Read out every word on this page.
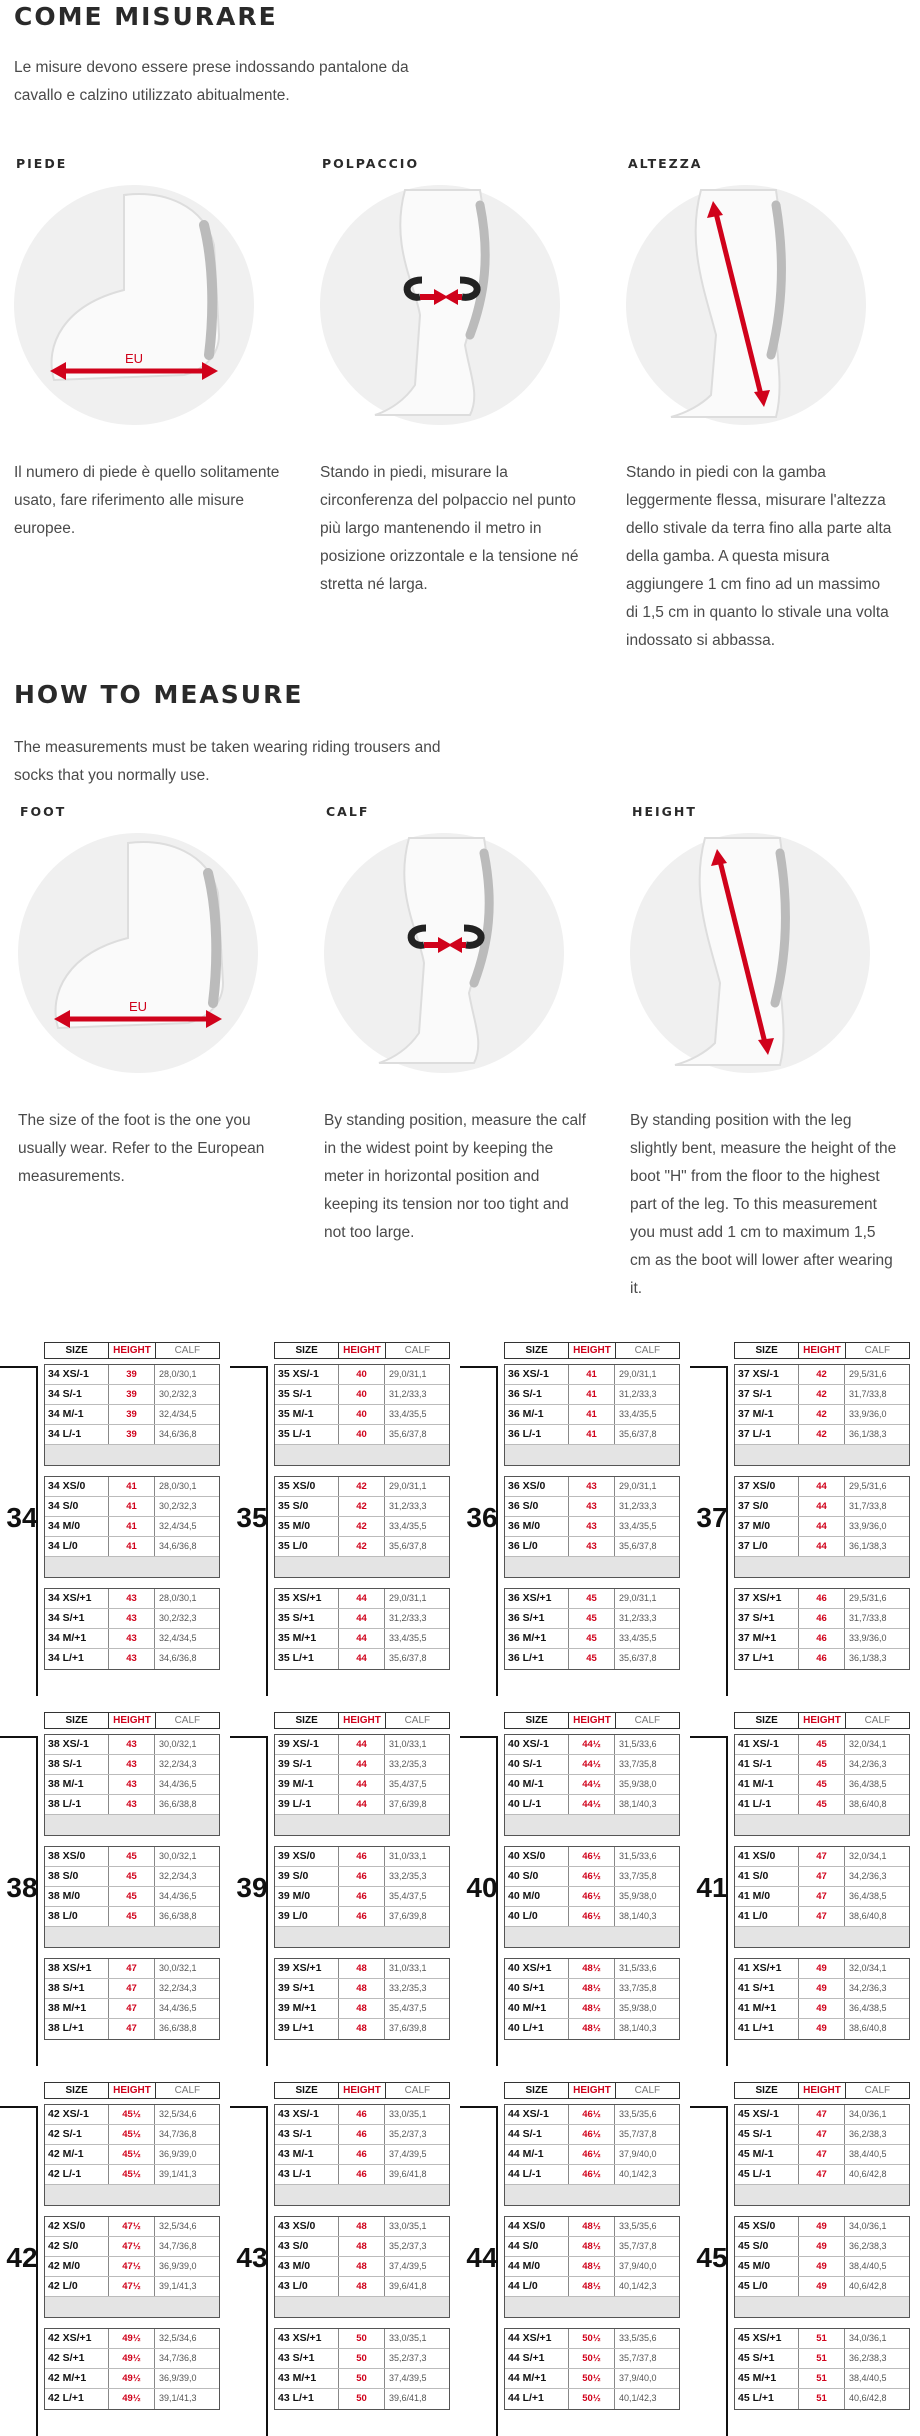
COME MISURARE

Le misure devono essere prese indossando pantalone da cavallo e calzino utilizzato abitualmente.

PIEDE
EU
Il numero di piede è quello solitamente usato, fare riferimento alle misure europee.
POLPACCIO
Stando in piedi, misurare la circonferenza del polpaccio nel punto più largo mantenendo il metro in posizione orizzontale e la tensione né stretta né larga.
ALTEZZA
Stando in piedi con la gamba leggermente flessa, misurare l'altezza dello stivale da terra fino alla parte alta della gamba. A questa misura aggiungere 1 cm fino ad un massimo di 1,5 cm in quanto lo stivale una volta indossato si abbassa.
HOW TO MEASURE

The measurements must be taken wearing riding trousers and socks that you normally use.

FOOT
EU
The size of the foot is the one you usually wear. Refer to the European measurements.
CALF
By standing position, measure the calf in the widest point by keeping the meter in horizontal position and keeping its tension nor too tight and not too large.
HEIGHT
By standing position with the leg slightly bent, measure the height of the boot "H" from the floor to the highest part of the leg. To this measurement you must add 1 cm to maximum 1,5 cm as the boot will lower after wearing it.
34
SIZE	HEIGHT	CALF
34 XS/-1	39	28,0/30,1
34 S/-1	39	30,2/32,3
34 M/-1	39	32,4/34,5
34 L/-1	39	34,6/36,8
34 XS/0	41	28,0/30,1
34 S/0	41	30,2/32,3
34 M/0	41	32,4/34,5
34 L/0	41	34,6/36,8
34 XS/+1	43	28,0/30,1
34 S/+1	43	30,2/32,3
34 M/+1	43	32,4/34,5
34 L/+1	43	34,6/36,8
35
SIZE	HEIGHT	CALF
35 XS/-1	40	29,0/31,1
35 S/-1	40	31,2/33,3
35 M/-1	40	33,4/35,5
35 L/-1	40	35,6/37,8
35 XS/0	42	29,0/31,1
35 S/0	42	31,2/33,3
35 M/0	42	33,4/35,5
35 L/0	42	35,6/37,8
35 XS/+1	44	29,0/31,1
35 S/+1	44	31,2/33,3
35 M/+1	44	33,4/35,5
35 L/+1	44	35,6/37,8
36
SIZE	HEIGHT	CALF
36 XS/-1	41	29,0/31,1
36 S/-1	41	31,2/33,3
36 M/-1	41	33,4/35,5
36 L/-1	41	35,6/37,8
36 XS/0	43	29,0/31,1
36 S/0	43	31,2/33,3
36 M/0	43	33,4/35,5
36 L/0	43	35,6/37,8
36 XS/+1	45	29,0/31,1
36 S/+1	45	31,2/33,3
36 M/+1	45	33,4/35,5
36 L/+1	45	35,6/37,8
37
SIZE	HEIGHT	CALF
37 XS/-1	42	29,5/31,6
37 S/-1	42	31,7/33,8
37 M/-1	42	33,9/36,0
37 L/-1	42	36,1/38,3
37 XS/0	44	29,5/31,6
37 S/0	44	31,7/33,8
37 M/0	44	33,9/36,0
37 L/0	44	36,1/38,3
37 XS/+1	46	29,5/31,6
37 S/+1	46	31,7/33,8
37 M/+1	46	33,9/36,0
37 L/+1	46	36,1/38,3
38
SIZE	HEIGHT	CALF
38 XS/-1	43	30,0/32,1
38 S/-1	43	32,2/34,3
38 M/-1	43	34,4/36,5
38 L/-1	43	36,6/38,8
38 XS/0	45	30,0/32,1
38 S/0	45	32,2/34,3
38 M/0	45	34,4/36,5
38 L/0	45	36,6/38,8
38 XS/+1	47	30,0/32,1
38 S/+1	47	32,2/34,3
38 M/+1	47	34,4/36,5
38 L/+1	47	36,6/38,8
39
SIZE	HEIGHT	CALF
39 XS/-1	44	31,0/33,1
39 S/-1	44	33,2/35,3
39 M/-1	44	35,4/37,5
39 L/-1	44	37,6/39,8
39 XS/0	46	31,0/33,1
39 S/0	46	33,2/35,3
39 M/0	46	35,4/37,5
39 L/0	46	37,6/39,8
39 XS/+1	48	31,0/33,1
39 S/+1	48	33,2/35,3
39 M/+1	48	35,4/37,5
39 L/+1	48	37,6/39,8
40
SIZE	HEIGHT	CALF
40 XS/-1	44½	31,5/33,6
40 S/-1	44½	33,7/35,8
40 M/-1	44½	35,9/38,0
40 L/-1	44½	38,1/40,3
40 XS/0	46½	31,5/33,6
40 S/0	46½	33,7/35,8
40 M/0	46½	35,9/38,0
40 L/0	46½	38,1/40,3
40 XS/+1	48½	31,5/33,6
40 S/+1	48½	33,7/35,8
40 M/+1	48½	35,9/38,0
40 L/+1	48½	38,1/40,3
41
SIZE	HEIGHT	CALF
41 XS/-1	45	32,0/34,1
41 S/-1	45	34,2/36,3
41 M/-1	45	36,4/38,5
41 L/-1	45	38,6/40,8
41 XS/0	47	32,0/34,1
41 S/0	47	34,2/36,3
41 M/0	47	36,4/38,5
41 L/0	47	38,6/40,8
41 XS/+1	49	32,0/34,1
41 S/+1	49	34,2/36,3
41 M/+1	49	36,4/38,5
41 L/+1	49	38,6/40,8
42
SIZE	HEIGHT	CALF
42 XS/-1	45½	32,5/34,6
42 S/-1	45½	34,7/36,8
42 M/-1	45½	36,9/39,0
42 L/-1	45½	39,1/41,3
42 XS/0	47½	32,5/34,6
42 S/0	47½	34,7/36,8
42 M/0	47½	36,9/39,0
42 L/0	47½	39,1/41,3
42 XS/+1	49½	32,5/34,6
42 S/+1	49½	34,7/36,8
42 M/+1	49½	36,9/39,0
42 L/+1	49½	39,1/41,3
43
SIZE	HEIGHT	CALF
43 XS/-1	46	33,0/35,1
43 S/-1	46	35,2/37,3
43 M/-1	46	37,4/39,5
43 L/-1	46	39,6/41,8
43 XS/0	48	33,0/35,1
43 S/0	48	35,2/37,3
43 M/0	48	37,4/39,5
43 L/0	48	39,6/41,8
43 XS/+1	50	33,0/35,1
43 S/+1	50	35,2/37,3
43 M/+1	50	37,4/39,5
43 L/+1	50	39,6/41,8
44
SIZE	HEIGHT	CALF
44 XS/-1	46½	33,5/35,6
44 S/-1	46½	35,7/37,8
44 M/-1	46½	37,9/40,0
44 L/-1	46½	40,1/42,3
44 XS/0	48½	33,5/35,6
44 S/0	48½	35,7/37,8
44 M/0	48½	37,9/40,0
44 L/0	48½	40,1/42,3
44 XS/+1	50½	33,5/35,6
44 S/+1	50½	35,7/37,8
44 M/+1	50½	37,9/40,0
44 L/+1	50½	40,1/42,3
45
SIZE	HEIGHT	CALF
45 XS/-1	47	34,0/36,1
45 S/-1	47	36,2/38,3
45 M/-1	47	38,4/40,5
45 L/-1	47	40,6/42,8
45 XS/0	49	34,0/36,1
45 S/0	49	36,2/38,3
45 M/0	49	38,4/40,5
45 L/0	49	40,6/42,8
45 XS/+1	51	34,0/36,1
45 S/+1	51	36,2/38,3
45 M/+1	51	38,4/40,5
45 L/+1	51	40,6/42,8
